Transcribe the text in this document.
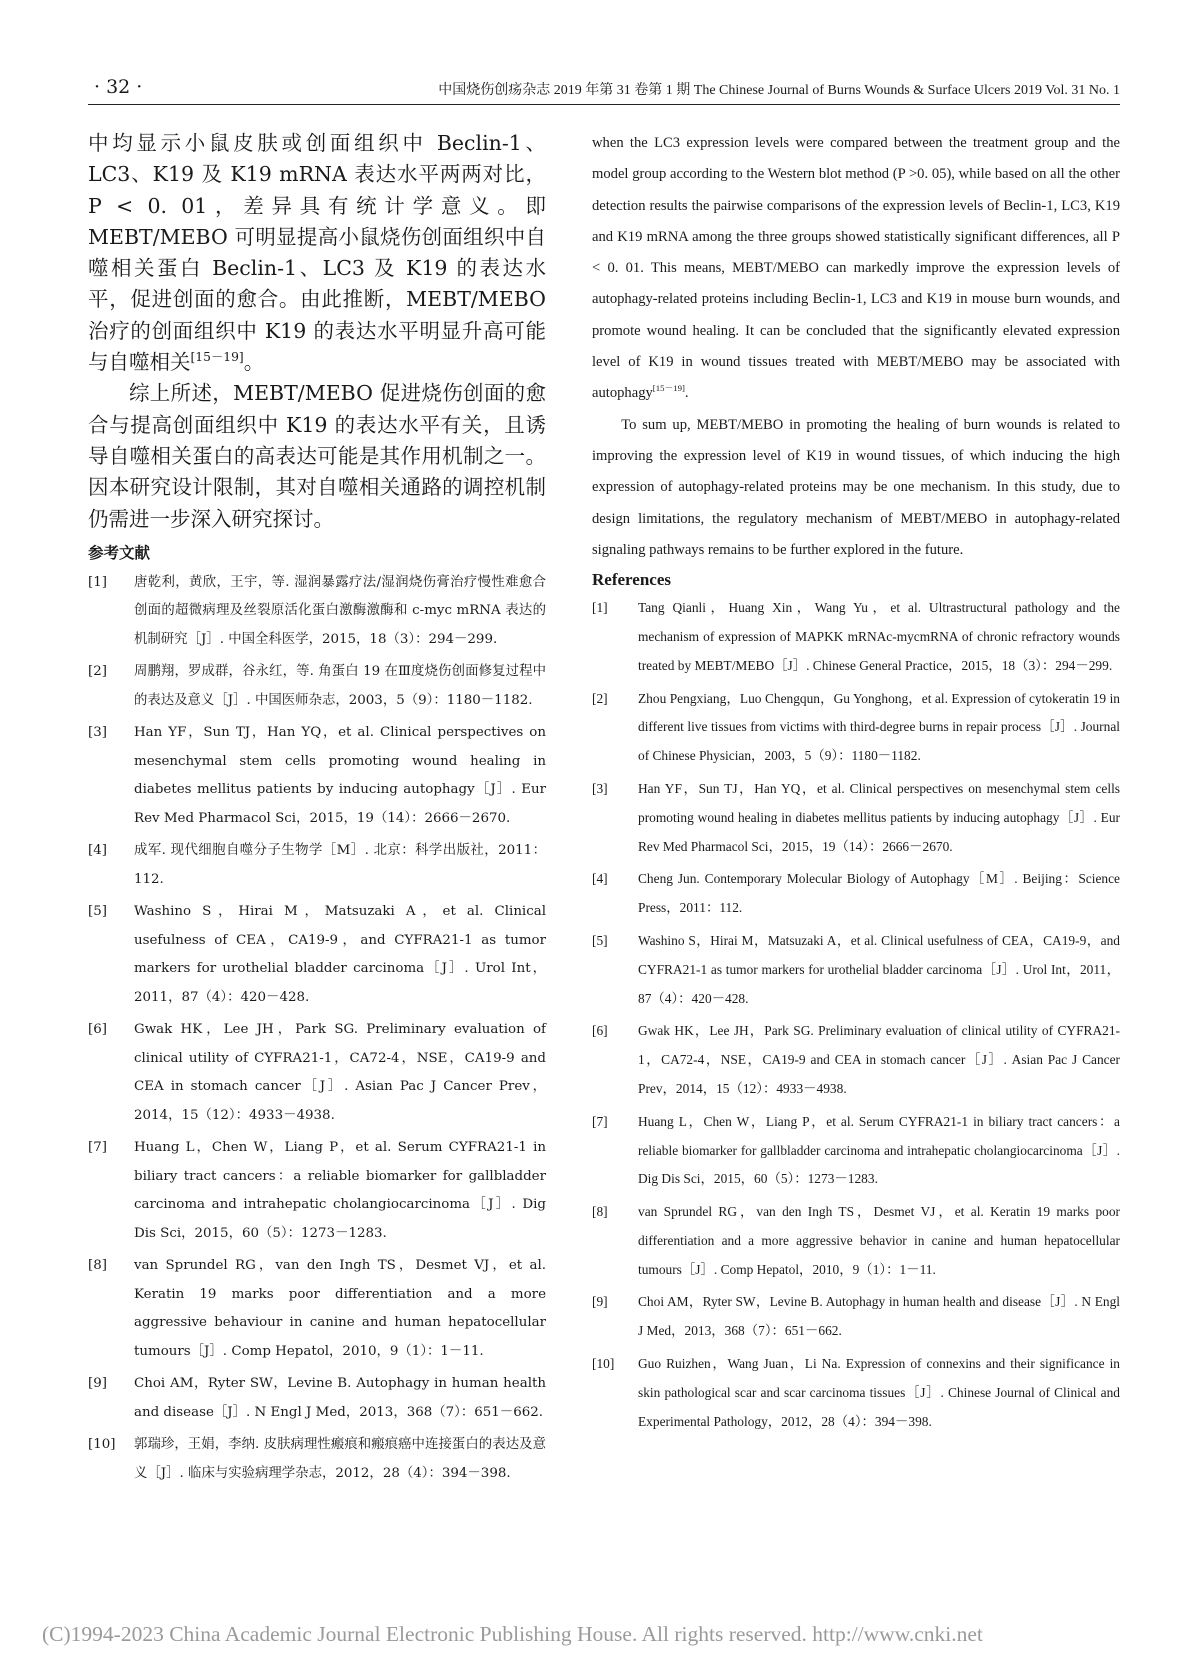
· 32 ·	中国烧伤创疡杂志 2019 年第 31 卷第 1 期 The Chinese Journal of Burns Wounds & Surface Ulcers 2019 Vol. 31 No. 1

中均显示小鼠皮肤或创面组织中 Beclin-1、LC3、K19 及 K19 mRNA 表达水平两两对比，P < 0. 01，差异具有统计学意义。即 MEBT/MEBO 可明显提高小鼠烧伤创面组织中自噬相关蛋白 Beclin-1、LC3 及 K19 的表达水平，促进创面的愈合。由此推断，MEBT/MEBO 治疗的创面组织中 K19 的表达水平明显升高可能与自噬相关[15－19]。

综上所述，MEBT/MEBO 促进烧伤创面的愈合与提高创面组织中 K19 的表达水平有关，且诱导自噬相关蛋白的高表达可能是其作用机制之一。因本研究设计限制，其对自噬相关通路的调控机制仍需进一步深入研究探讨。

参考文献
[1] 唐乾利，黄欣，王宇，等. 湿润暴露疗法/湿润烧伤膏治疗慢性难愈合创面的超微病理及丝裂原活化蛋白激酶激酶和 c-myc mRNA 表达的机制研究［J］. 中国全科医学，2015，18（3）：294－299.
[2] 周鹏翔，罗成群，谷永红，等. 角蛋白 19 在Ⅲ度烧伤创面修复过程中的表达及意义［J］. 中国医师杂志，2003，5（9）：1180－1182.
[3] Han YF，Sun TJ，Han YQ，et al. Clinical perspectives on mesenchymal stem cells promoting wound healing in diabetes mellitus patients by inducing autophagy［J］. Eur Rev Med Pharmacol Sci，2015，19（14）：2666－2670.
[4] 成军. 现代细胞自噬分子生物学［M］. 北京：科学出版社，2011：112.
[5] Washino S，Hirai M，Matsuzaki A，et al. Clinical usefulness of CEA，CA19-9，and CYFRA21-1 as tumor markers for urothelial bladder carcinoma［J］. Urol Int，2011，87（4）：420－428.
[6] Gwak HK，Lee JH，Park SG. Preliminary evaluation of clinical utility of CYFRA21-1，CA72-4，NSE，CA19-9 and CEA in stomach cancer［J］. Asian Pac J Cancer Prev，2014，15（12）：4933－4938.
[7] Huang L，Chen W，Liang P，et al. Serum CYFRA21-1 in biliary tract cancers：a reliable biomarker for gallbladder carcinoma and intrahepatic cholangiocarcinoma［J］. Dig Dis Sci，2015，60（5）：1273－1283.
[8] van Sprundel RG，van den Ingh TS，Desmet VJ，et al. Keratin 19 marks poor differentiation and a more aggressive behaviour in canine and human hepatocellular tumours［J］. Comp Hepatol，2010，9（1）：1－11.
[9] Choi AM，Ryter SW，Levine B. Autophagy in human health and disease［J］. N Engl J Med，2013，368（7）：651－662.
[10] 郭瑞珍，王娟，李纳. 皮肤病理性瘢痕和瘢痕癌中连接蛋白的表达及意义［J］. 临床与实验病理学杂志，2012，28（4）：394－398.

when the LC3 expression levels were compared between the treatment group and the model group according to the Western blot method (P >0. 05), while based on all the other detection results the pairwise comparisons of the expression levels of Beclin-1, LC3, K19 and K19 mRNA among the three groups showed statistically significant differences, all P < 0. 01. This means, MEBT/MEBO can markedly improve the expression levels of autophagy-related proteins including Beclin-1, LC3 and K19 in mouse burn wounds, and promote wound healing. It can be concluded that the significantly elevated expression level of K19 in wound tissues treated with MEBT/MEBO may be associated with autophagy[15－19].

To sum up, MEBT/MEBO in promoting the healing of burn wounds is related to improving the expression level of K19 in wound tissues, of which inducing the high expression of autophagy-related proteins may be one mechanism. In this study, due to design limitations, the regulatory mechanism of MEBT/MEBO in autophagy-related signaling pathways remains to be further explored in the future.

References
[1] Tang Qianli，Huang Xin，Wang Yu，et al. Ultrastructural pathology and the mechanism of expression of MAPKK mRNAc-mycmRNA of chronic refractory wounds treated by MEBT/MEBO［J］. Chinese General Practice，2015，18（3）：294－299.
[2] Zhou Pengxiang，Luo Chengqun，Gu Yonghong，et al. Expression of cytokeratin 19 in different live tissues from victims with third-degree burns in repair process［J］. Journal of Chinese Physician，2003，5（9）：1180－1182.
[3] Han YF，Sun TJ，Han YQ，et al. Clinical perspectives on mesenchymal stem cells promoting wound healing in diabetes mellitus patients by inducing autophagy［J］. Eur Rev Med Pharmacol Sci，2015，19（14）：2666－2670.
[4] Cheng Jun. Contemporary Molecular Biology of Autophagy［M］. Beijing：Science Press，2011：112.
[5] Washino S，Hirai M，Matsuzaki A，et al. Clinical usefulness of CEA，CA19-9，and CYFRA21-1 as tumor markers for urothelial bladder carcinoma［J］. Urol Int，2011，87（4）：420－428.
[6] Gwak HK，Lee JH，Park SG. Preliminary evaluation of clinical utility of CYFRA21-1，CA72-4，NSE，CA19-9 and CEA in stomach cancer［J］. Asian Pac J Cancer Prev，2014，15（12）：4933－4938.
[7] Huang L，Chen W，Liang P，et al. Serum CYFRA21-1 in biliary tract cancers：a reliable biomarker for gallbladder carcinoma and intrahepatic cholangiocarcinoma［J］. Dig Dis Sci，2015，60（5）：1273－1283.
[8] van Sprundel RG，van den Ingh TS，Desmet VJ，et al. Keratin 19 marks poor differentiation and a more aggressive behavior in canine and human hepatocellular tumours［J］. Comp Hepatol，2010，9（1）：1－11.
[9] Choi AM，Ryter SW，Levine B. Autophagy in human health and disease［J］. N Engl J Med，2013，368（7）：651－662.
[10] Guo Ruizhen，Wang Juan，Li Na. Expression of connexins and their significance in skin pathological scar and scar carcinoma tissues［J］. Chinese Journal of Clinical and Experimental Pathology，2012，28（4）：394－398.
(C)1994-2023 China Academic Journal Electronic Publishing House. All rights reserved. http://www.cnki.net
